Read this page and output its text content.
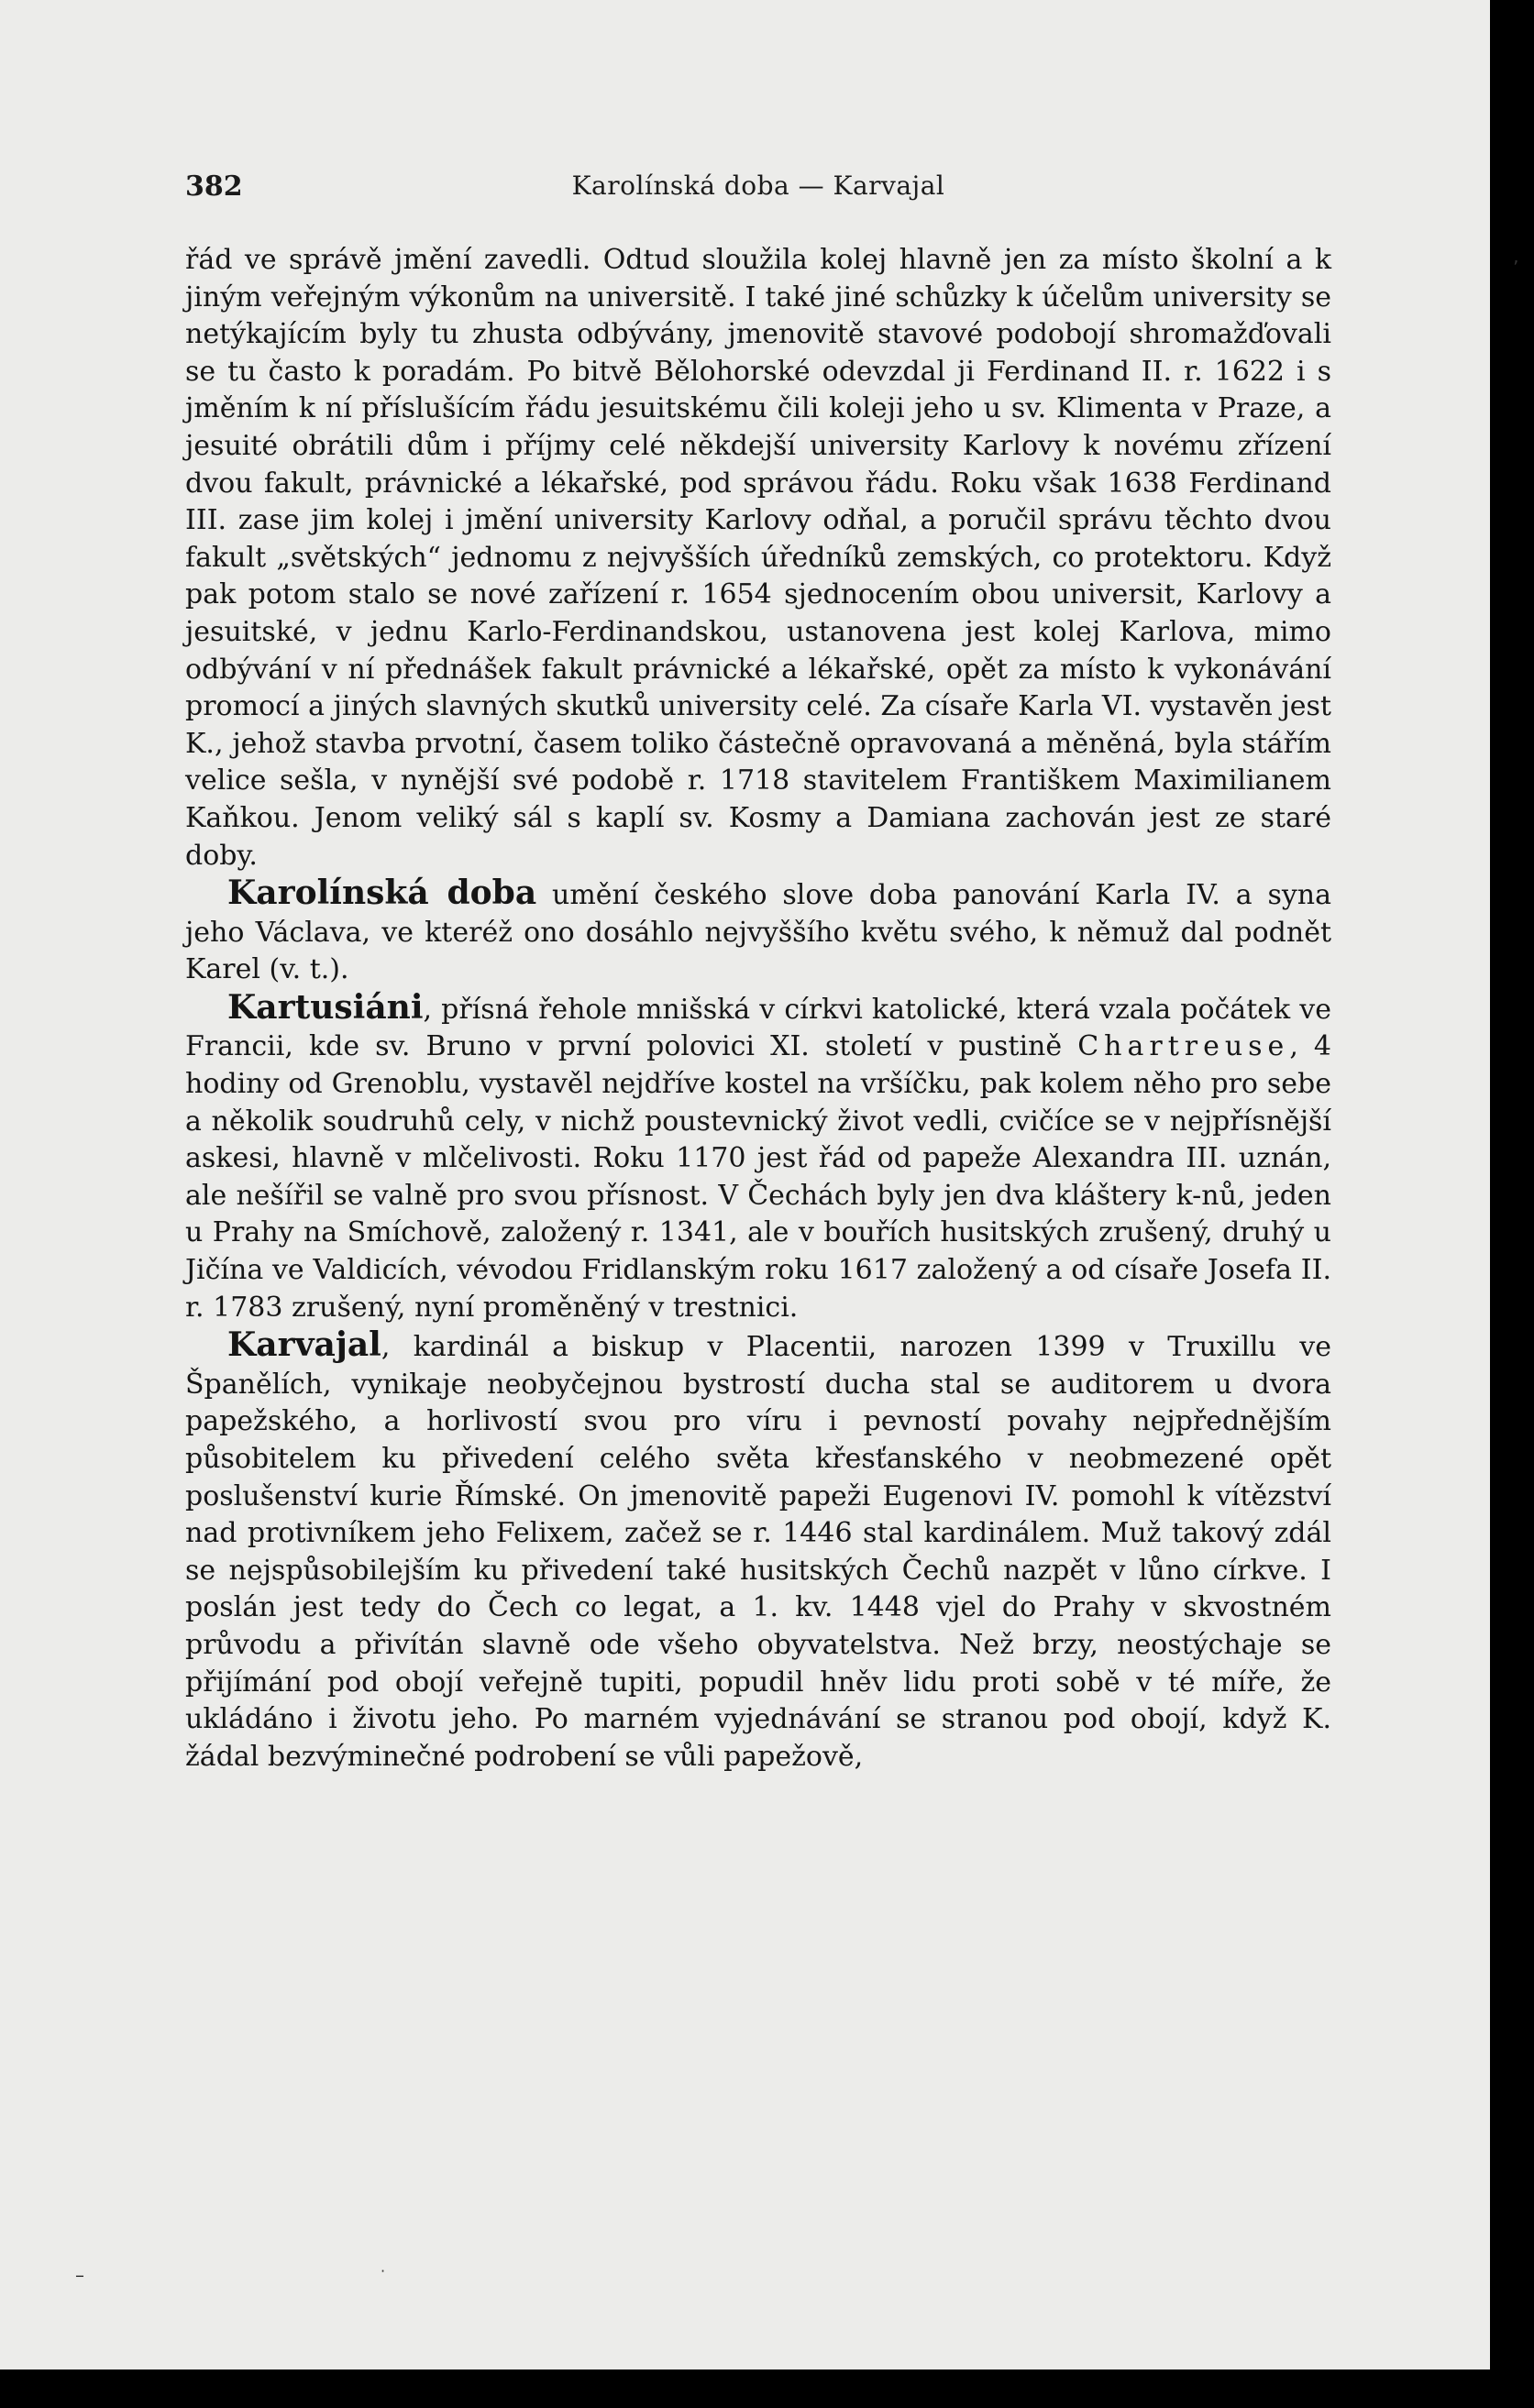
382	Karolínská doba — Karvajal

řád ve správě jmění zavedli. Odtud sloužila kolej hlavně jen za místo školní a k jiným veřejným výkonům na universitě. I také jiné schůzky k účelům university se netýkajícím byly tu zhusta odbývány, jmenovitě stavové podobojí shromažďovali se tu často k poradám. Po bitvě Bělohorské odevzdal ji Ferdinand II. r. 1622 i s jměním k ní příslušícím řádu jesuitskému čili koleji jeho u sv. Klimenta v Praze, a jesuité obrátili dům i příjmy celé někdejší university Karlovy k novému zřízení dvou fakult, právnické a lékařské, pod správou řádu. Roku však 1638 Ferdinand III. zase jim kolej i jmění university Karlovy odňal, a poručil správu těchto dvou fakult „světských“ jednomu z nejvyšších úředníků zemských, co protektoru. Když pak potom stalo se nové zařízení r. 1654 sjednocením obou universit, Karlovy a jesuitské, v jednu Karlo-Ferdinandskou, ustanovena jest kolej Karlova, mimo odbývání v ní přednášek fakult právnické a lékařské, opět za místo k vykonávání promocí a jiných slavných skutků university celé. Za císaře Karla VI. vystavěn jest K., jehož stavba prvotní, časem toliko částečně opravovaná a měněná, byla stářím velice sešla, v nynější své podobě r. 1718 stavitelem Františkem Maximilianem Kaňkou. Jenom veliký sál s kaplí sv. Kosmy a Damiana zachován jest ze staré doby.

Karolínská doba umění českého slove doba panování Karla IV. a syna jeho Václava, ve kteréž ono dosáhlo nejvyššího květu svého, k němuž dal podnět Karel (v. t.).

Kartusiáni, přísná řehole mnišská v církvi katolické, která vzala počátek ve Francii, kde sv. Bruno v první polovici XI. století v pustině Chartreuse, 4 hodiny od Grenoblu, vystavěl nejdříve kostel na vršíčku, pak kolem něho pro sebe a několik soudruhů cely, v nichž poustevnický život vedli, cvičíce se v nejpřísnější askesi, hlavně v mlčelivosti. Roku 1170 jest řád od papeže Alexandra III. uznán, ale nešířil se valně pro svou přísnost. V Čechách byly jen dva kláštery k-nů, jeden u Prahy na Smíchově, založený r. 1341, ale v bouřích husitských zrušený, druhý u Jičína ve Valdicích, vévodou Fridlanským roku 1617 založený a od císaře Josefa II. r. 1783 zrušený, nyní proměněný v trestnici.

Karvajal, kardinál a biskup v Placentii, narozen 1399 v Truxillu ve Španělích, vynikaje neobyčejnou bystrostí ducha stal se auditorem u dvora papežského, a horlivostí svou pro víru i pevností povahy nejpřednějším působitelem ku přivedení celého světa křesťanského v neobmezené opět poslušenství kurie Římské. On jmenovitě papeži Eugenovi IV. pomohl k vítězství nad protivníkem jeho Felixem, začež se r. 1446 stal kardinálem. Muž takový zdál se nejspůsobilejším ku přivedení také husitských Čechů nazpět v lůno církve. I poslán jest tedy do Čech co legat, a 1. kv. 1448 vjel do Prahy v skvostném průvodu a přivítán slavně ode všeho obyvatelstva. Než brzy, neostýchaje se přijímání pod obojí veřejně tupiti, popudil hněv lidu proti sobě v té míře, že ukládáno i životu jeho. Po marném vyjednávání se stranou pod obojí, když K. žádal bezvýminečné podrobení se vůli papežově,

’
–	·
